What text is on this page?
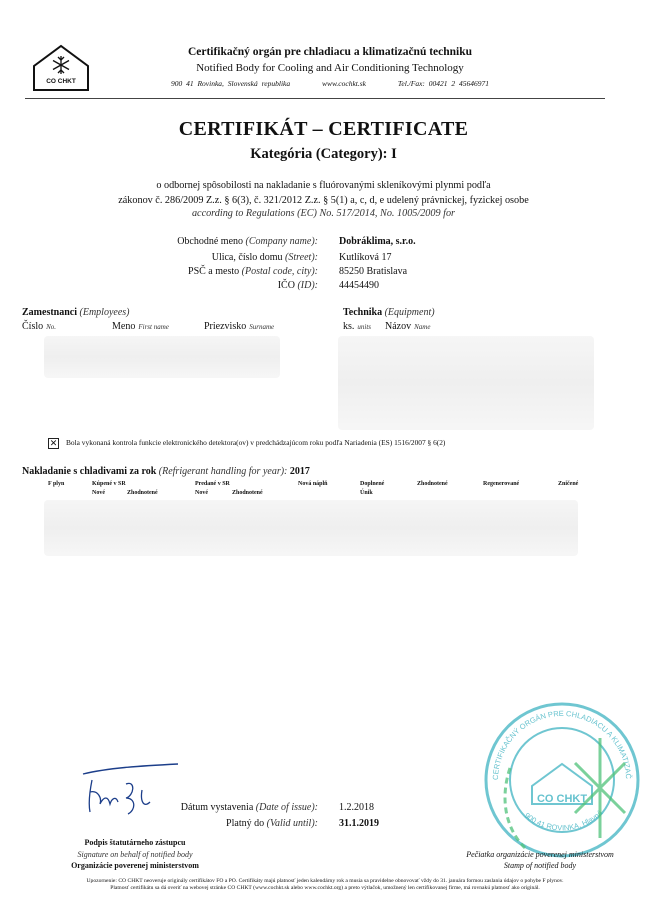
CO CHKT
Certifikačný orgán pre chladiacu a klimatizačnú techniku
Notified Body for Cooling and Air Conditioning Technology
900 41 Rovinka, Slovenská republika	www.cochkt.sk	Tel./Fax: 00421 2 45646971
CERTIFIKÁT – CERTIFICATE
Kategória (Category): I
o odbornej spôsobilosti na nakladanie s fluórovanými skleníkovými plynmi podľa
zákonov č. 286/2009 Z.z. § 6(3), č. 321/2012 Z.z. § 5(1) a, c, d, e udelený právnickej, fyzickej osobe
according to Regulations (EC) No. 517/2014, No. 1005/2009 for
Obchodné meno (Company name): Dobráklima, s.r.o.
Ulica, číslo domu (Street): Kutlíková 17
PSČ a mesto (Postal code, city): 85250 Bratislava
IČO (ID): 44454490
Zamestnanci (Employees)
Číslo No.	Meno First name	Priezvisko Surname
Technika (Equipment)
ks. units Názov Name
✕ Bola vykonaná kontrola funkcie elektronického detektora(ov) v predchádzajúcom roku podľa Nariadenia (ES) 1516/2007 § 6(2)
Nakladanie s chladivami za rok (Refrigerant handling for year): 2017
F plyn	Kúpené v SR	Predané v SR	Nová náplň	Doplnené	Zhodnotené	Regenerované	Zničené
Nové	Zhodnotené	Nové	Zhodnotené	Únik
Dátum vystavenia (Date of issue): 1.2.2018
Platný do (Valid until): 31.1.2019
Podpis štatutárneho zástupcu
Signature on behalf of notified body
Organizácie poverenej ministerstvom
CERTIFIKAČNÝ ORGÁN PRE CHLADIACU A KLIMATIZAČ
900 41 ROVINKA, Hlavná
CO CHKT
Pečiatka organizácie poverenej ministerstvom
Stamp of notified body
Upozornenie: CO CHKT neoveruje originály certifikátov FO a PO. Certifikáty majú platnosť jeden kalendárny rok a musia sa pravidelne obnovovať vždy do 31. januára formou zaslania údajov o pohybe F plynov.
Platnosť certifikátu sa dá overiť na webovej stránke CO CHKT (www.cochkt.sk alebo www.cochkt.org) a preto výtlačok, umožnený len certifikovanej firme, má rovnakú platnosť ako originál.
